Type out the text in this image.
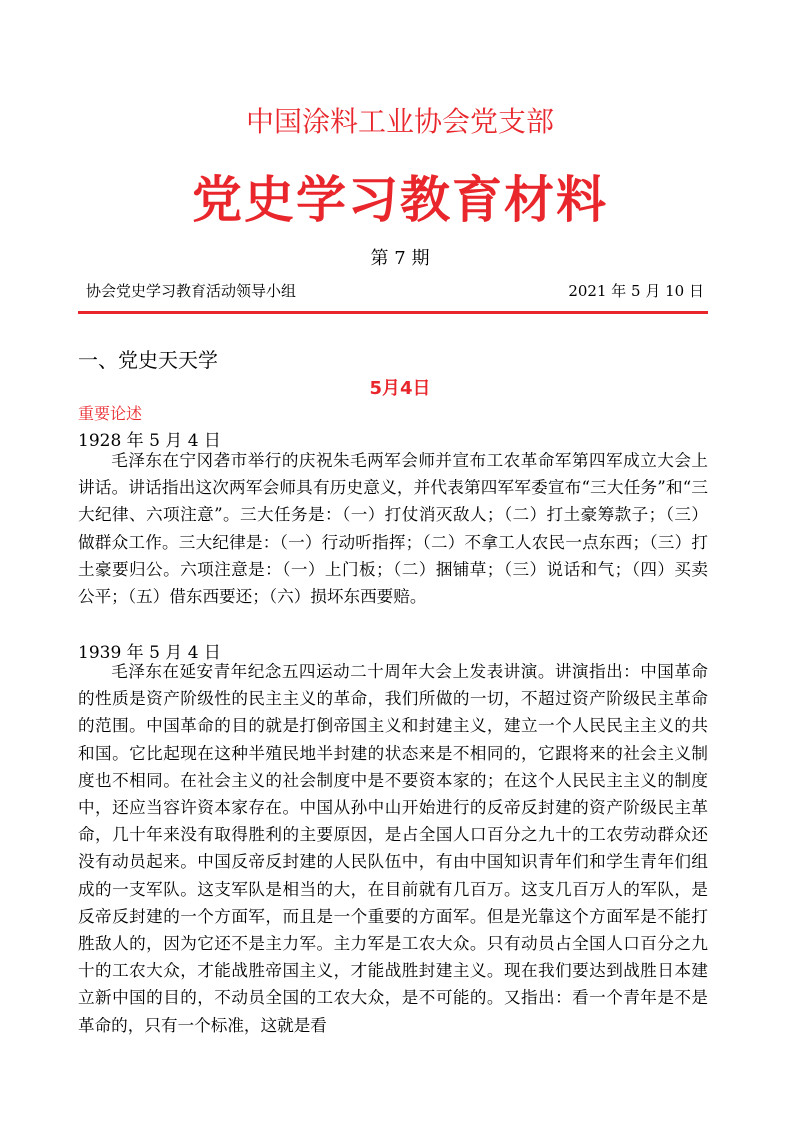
中国涂料工业协会党支部
党史学习教育材料
第 7 期
协会党史学习教育活动领导小组	2021 年 5 月 10 日
一、党史天天学
5月4日
重要论述
1928 年 5 月 4 日

毛泽东在宁冈砻市举行的庆祝朱毛两军会师并宣布工农革命军第四军成立大会上讲话。讲话指出这次两军会师具有历史意义，并代表第四军军委宣布“三大任务”和“三大纪律、六项注意”。三大任务是：（一）打仗消灭敌人；（二）打土豪筹款子；（三）做群众工作。三大纪律是：（一）行动听指挥；（二）不拿工人农民一点东西；（三）打土豪要归公。六项注意是：（一）上门板；（二）捆铺草；（三）说话和气；（四）买卖公平；（五）借东西要还；（六）损坏东西要赔。

1939 年 5 月 4 日

毛泽东在延安青年纪念五四运动二十周年大会上发表讲演。讲演指出：中国革命的性质是资产阶级性的民主主义的革命，我们所做的一切，不超过资产阶级民主革命的范围。中国革命的目的就是打倒帝国主义和封建主义，建立一个人民民主主义的共和国。它比起现在这种半殖民地半封建的状态来是不相同的，它跟将来的社会主义制度也不相同。在社会主义的社会制度中是不要资本家的；在这个人民民主主义的制度中，还应当容许资本家存在。中国从孙中山开始进行的反帝反封建的资产阶级民主革命，几十年来没有取得胜利的主要原因，是占全国人口百分之九十的工农劳动群众还没有动员起来。中国反帝反封建的人民队伍中，有由中国知识青年们和学生青年们组成的一支军队。这支军队是相当的大，在目前就有几百万。这支几百万人的军队，是反帝反封建的一个方面军，而且是一个重要的方面军。但是光靠这个方面军是不能打胜敌人的，因为它还不是主力军。主力军是工农大众。只有动员占全国人口百分之九十的工农大众，才能战胜帝国主义，才能战胜封建主义。现在我们要达到战胜日本建立新中国的目的，不动员全国的工农大众，是不可能的。又指出：看一个青年是不是革命的，只有一个标准，这就是看
